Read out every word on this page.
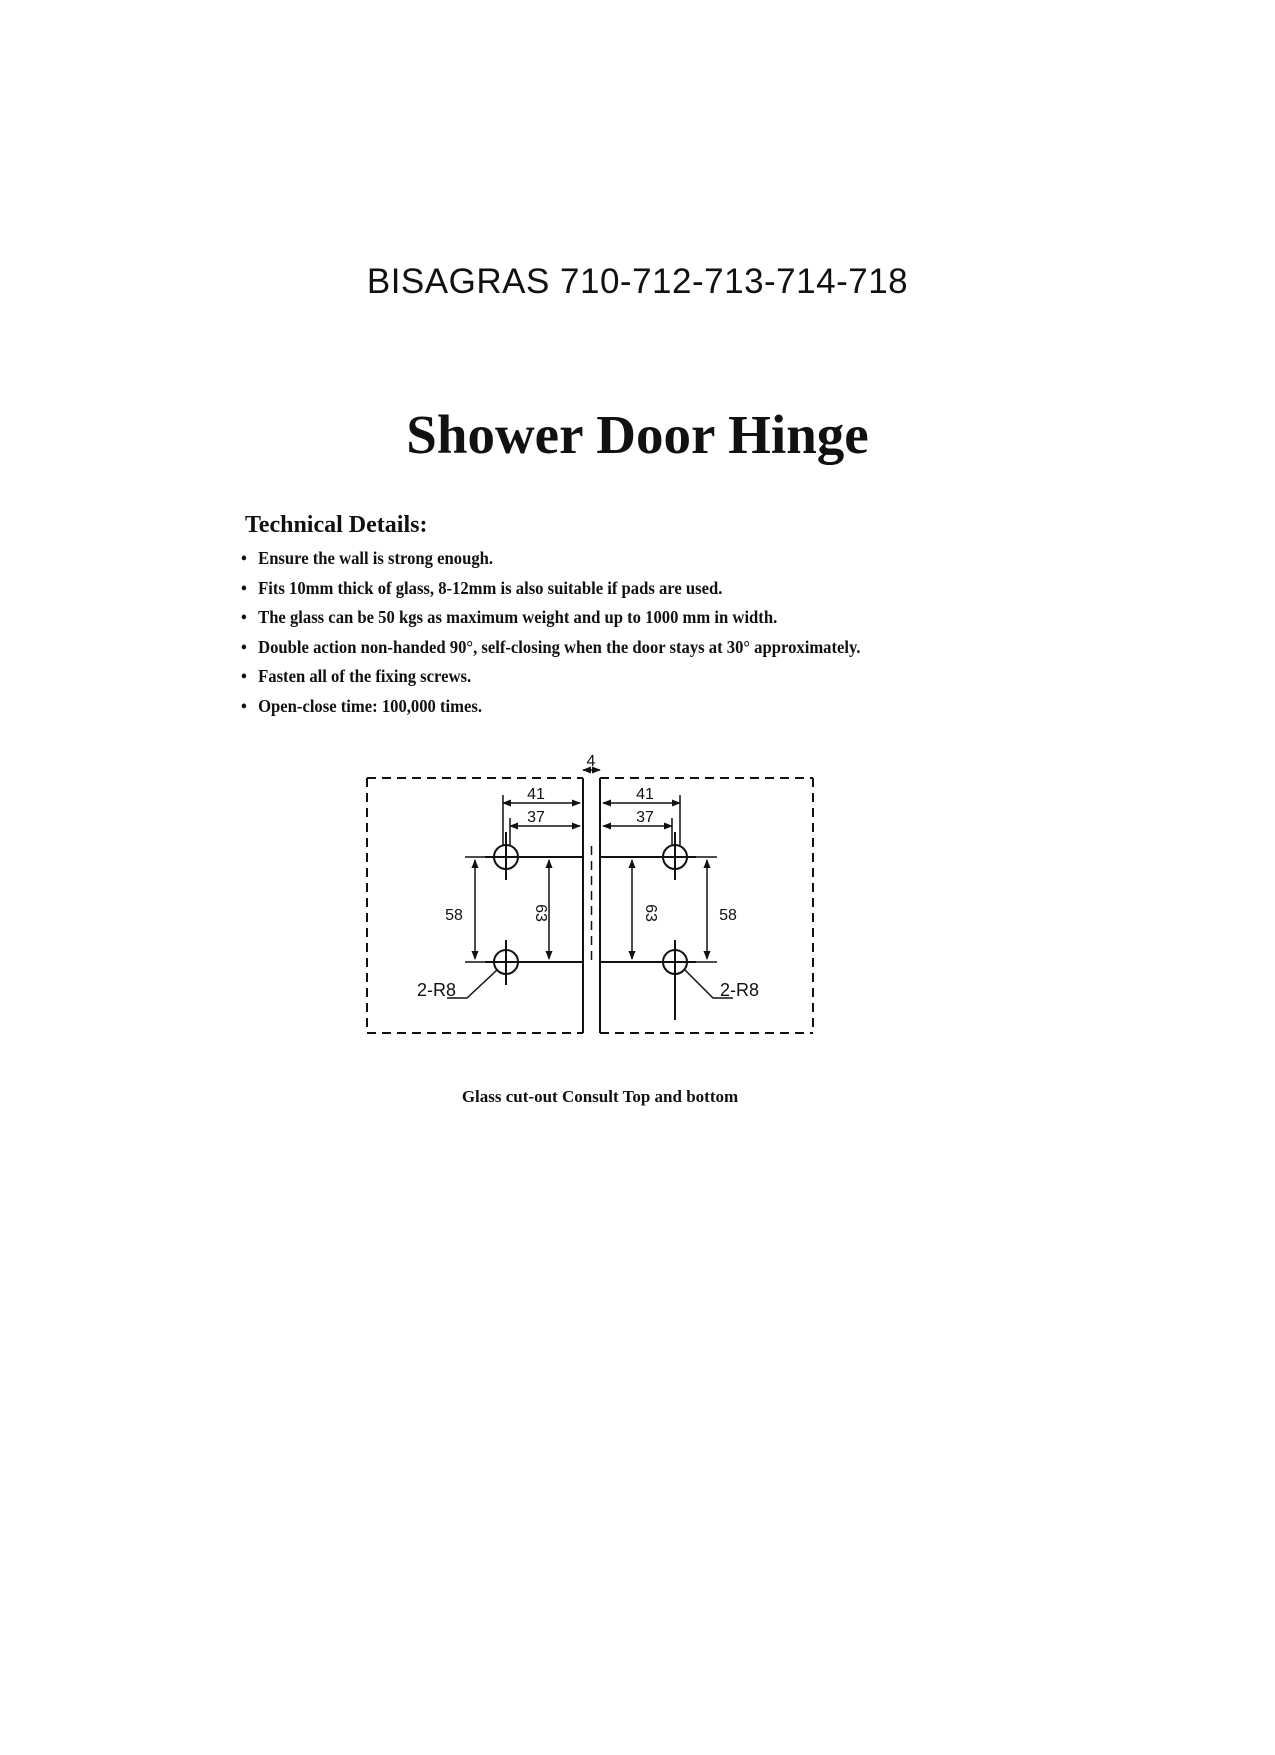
BISAGRAS 710-712-713-714-718
Shower Door Hinge
Technical Details:
• Ensure the wall is strong enough.
• Fits 10mm thick of glass, 8-12mm is also suitable if pads are used.
• The glass can be 50 kgs as maximum weight and up to 1000 mm in width.
• Double action non-handed 90°, self-closing when the door stays at 30° approximately.
• Fasten all of the fixing screws.
• Open-close time: 100,000 times.
4
41
37
41
37
58	58
63	63
2-R8	2-R8
Glass cut-out Consult Top and bottom
